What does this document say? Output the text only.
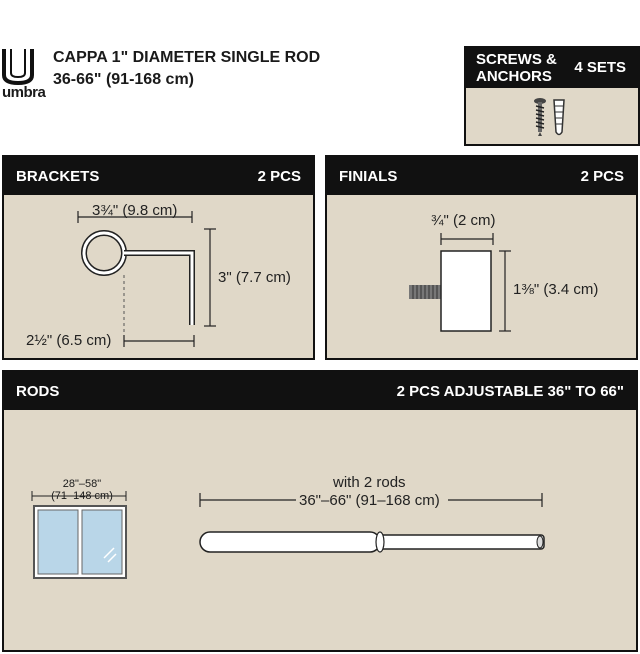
umbra
CAPPA 1" DIAMETER SINGLE ROD
36-66" (91-168 cm)
SCREWS &
ANCHORS
4 SETS
BRACKETS	2 PCS
3¾" (9.8 cm)
3" (7.7 cm)
2½" (6.5 cm)
FINIALS	2 PCS
¾" (2 cm)
1⅜" (3.4 cm)
RODS	2 PCS ADJUSTABLE 36" TO 66"
28"–58"
(71–148 cm)
with 2 rods
36"–66" (91–168 cm)
